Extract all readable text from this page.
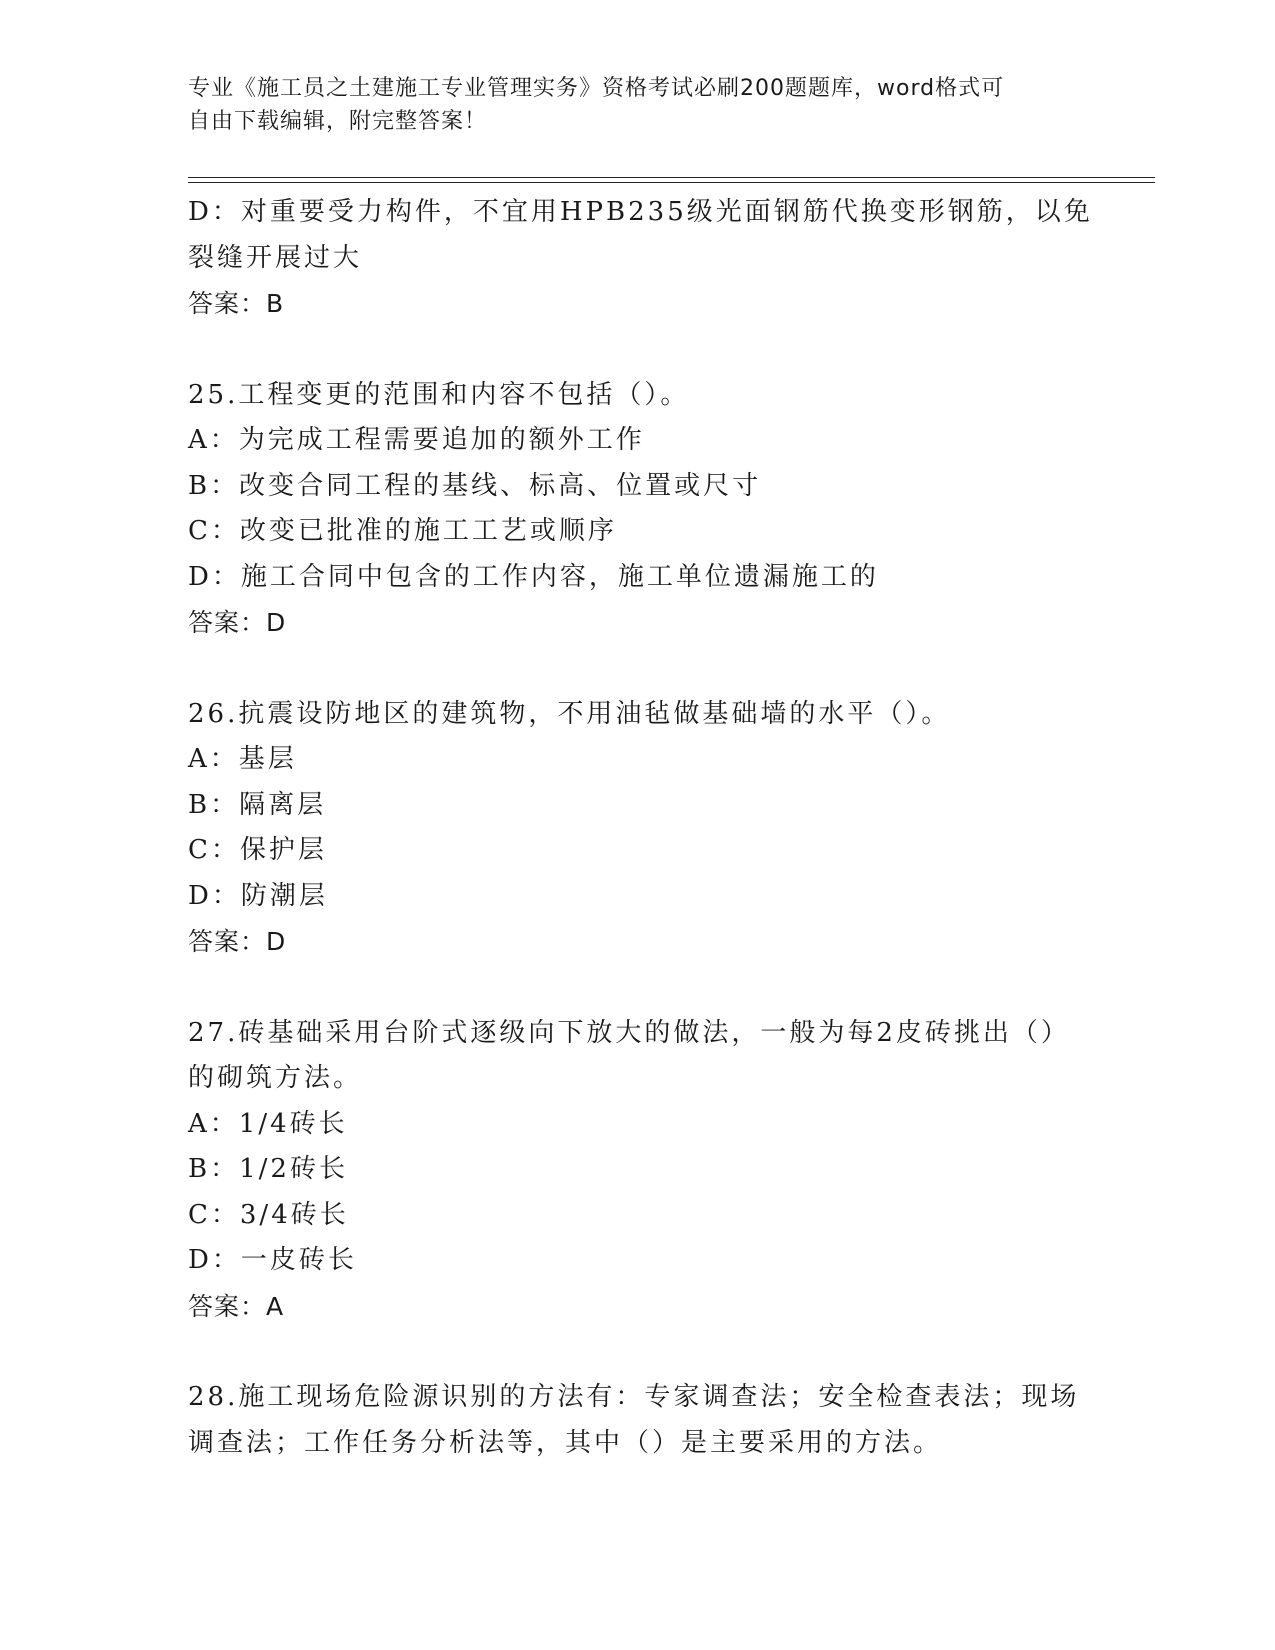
专业《施工员之土建施工专业管理实务》资格考试必刷200题题库，word格式可
自由下载编辑，附完整答案！
D：对重要受力构件，不宜用HPB235级光面钢筋代换变形钢筋，以免
裂缝开展过大
答案：B
25.工程变更的范围和内容不包括（）。
A：为完成工程需要追加的额外工作
B：改变合同工程的基线、标高、位置或尺寸
C：改变已批准的施工工艺或顺序
D：施工合同中包含的工作内容，施工单位遗漏施工的
答案：D
26.抗震设防地区的建筑物，不用油毡做基础墙的水平（）。
A：基层
B：隔离层
C：保护层
D：防潮层
答案：D
27.砖基础采用台阶式逐级向下放大的做法，一般为每2皮砖挑出（）
的砌筑方法。
A：1/4砖长
B：1/2砖长
C：3/4砖长
D：一皮砖长
答案：A
28.施工现场危险源识别的方法有：专家调查法；安全检查表法；现场
调查法；工作任务分析法等，其中（）是主要采用的方法。
